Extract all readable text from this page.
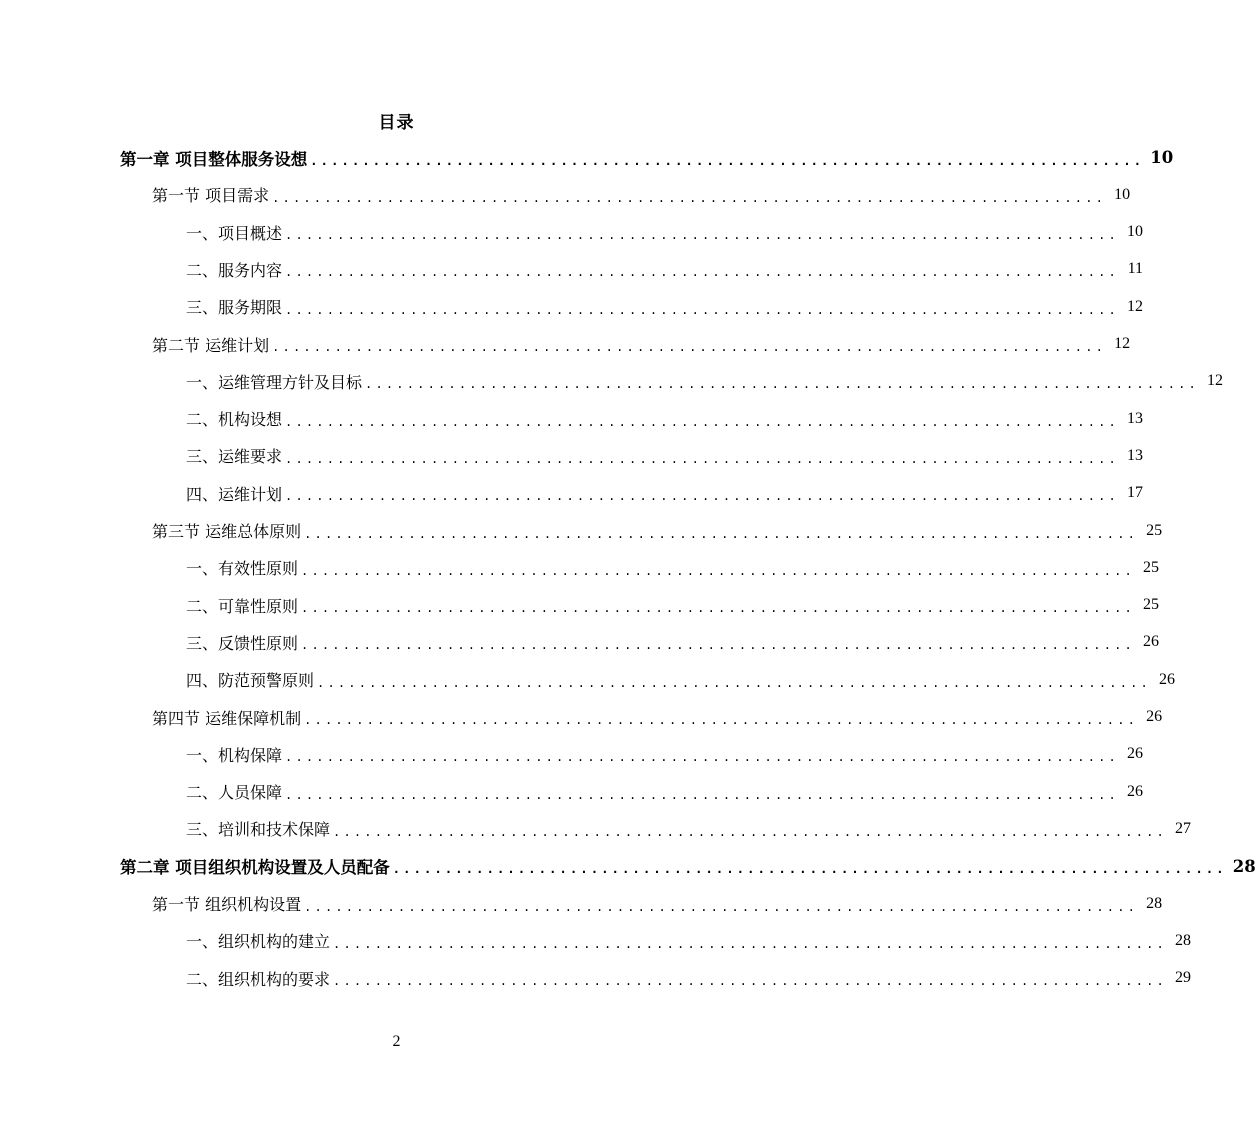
目录
第一章 项目整体服务设想 ................................................................................ 10
第一节 项目需求 ................................................................................ 10
一、项目概述 ................................................................................ 10
二、服务内容 ................................................................................ 11
三、服务期限 ................................................................................ 12
第二节 运维计划 ................................................................................ 12
一、运维管理方针及目标 ................................................................................ 12
二、机构设想 ................................................................................ 13
三、运维要求 ................................................................................ 13
四、运维计划 ................................................................................ 17
第三节 运维总体原则 ................................................................................ 25
一、有效性原则 ................................................................................ 25
二、可靠性原则 ................................................................................ 25
三、反馈性原则 ................................................................................ 26
四、防范预警原则 ................................................................................ 26
第四节 运维保障机制 ................................................................................ 26
一、机构保障 ................................................................................ 26
二、人员保障 ................................................................................ 26
三、培训和技术保障 ................................................................................ 27
第二章 项目组织机构设置及人员配备 ................................................................................ 28
第一节 组织机构设置 ................................................................................ 28
一、组织机构的建立 ................................................................................ 28
二、组织机构的要求 ................................................................................ 29
2
